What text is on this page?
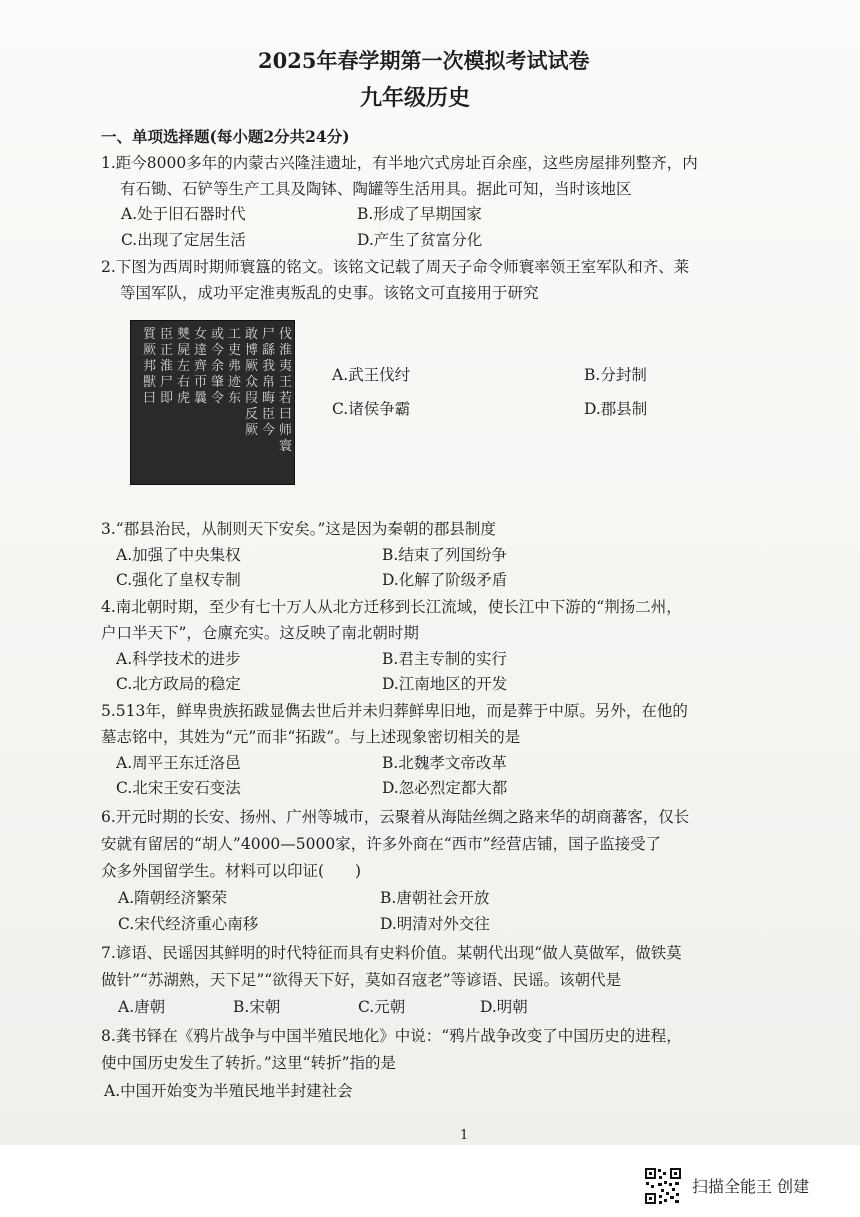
2025年春学期第一次模拟考试试卷
九年级历史
一、单项选择题(每小题2分共24分)
1.距今8000多年的内蒙古兴隆洼遗址，有半地穴式房址百余座，这些房屋排列整齐，内
有石锄、石铲等生产工具及陶钵、陶罐等生活用具。据此可知，当时该地区
A.处于旧石器时代	B.形成了早期国家
C.出现了定居生活	D.产生了贫富分化
2.下图为西周时期师寰簋的铭文。该铭文记载了周天子命令师寰率领王室军队和齐、莱
等国军队，成功平定淮夷叛乱的史事。该铭文可直接用于研究
伐淮夷王若曰师寰
尸繇我帛晦臣今
敢博厥众叚反厥
工吏弗迹东
或今余肇令
女達齊帀曩
僰屍左右虎
臣正淮尸即
質厥邦獸曰
A.武王伐纣	B.分封制
C.诸侯争霸	D.郡县制
3.“郡县治民，从制则天下安矣。”这是因为秦朝的郡县制度
A.加强了中央集权	B.结束了列国纷争
C.强化了皇权专制	D.化解了阶级矛盾
4.南北朝时期，至少有七十万人从北方迁移到长江流域，使长江中下游的“荆扬二州，
户口半天下”，仓廪充实。这反映了南北朝时期
A.科学技术的进步	B.君主专制的实行
C.北方政局的稳定	D.江南地区的开发
5.513年，鲜卑贵族拓跋显儁去世后并未归葬鲜卑旧地，而是葬于中原。另外，在他的
墓志铭中，其姓为“元”而非“拓跋”。与上述现象密切相关的是
A.周平王东迁洛邑	B.北魏孝文帝改革
C.北宋王安石变法	D.忽必烈定都大都
6.开元时期的长安、扬州、广州等城市，云聚着从海陆丝绸之路来华的胡商蕃客，仅长
安就有留居的“胡人”4000—5000家，许多外商在“西市”经营店铺，国子监接受了
众多外国留学生。材料可以印证(　　)
A.隋朝经济繁荣	B.唐朝社会开放
C.宋代经济重心南移	D.明清对外交往
7.谚语、民谣因其鲜明的时代特征而具有史料价值。某朝代出现“做人莫做军，做铁莫
做针”“苏湖熟，天下足”“欲得天下好，莫如召寇老”等谚语、民谣。该朝代是
A.唐朝	B.宋朝	C.元朝	D.明朝
8.龚书铎在《鸦片战争与中国半殖民地化》中说：“鸦片战争改变了中国历史的进程，
使中国历史发生了转折。”这里“转折”指的是
A.中国开始变为半殖民地半封建社会
1
扫描全能王 创建
